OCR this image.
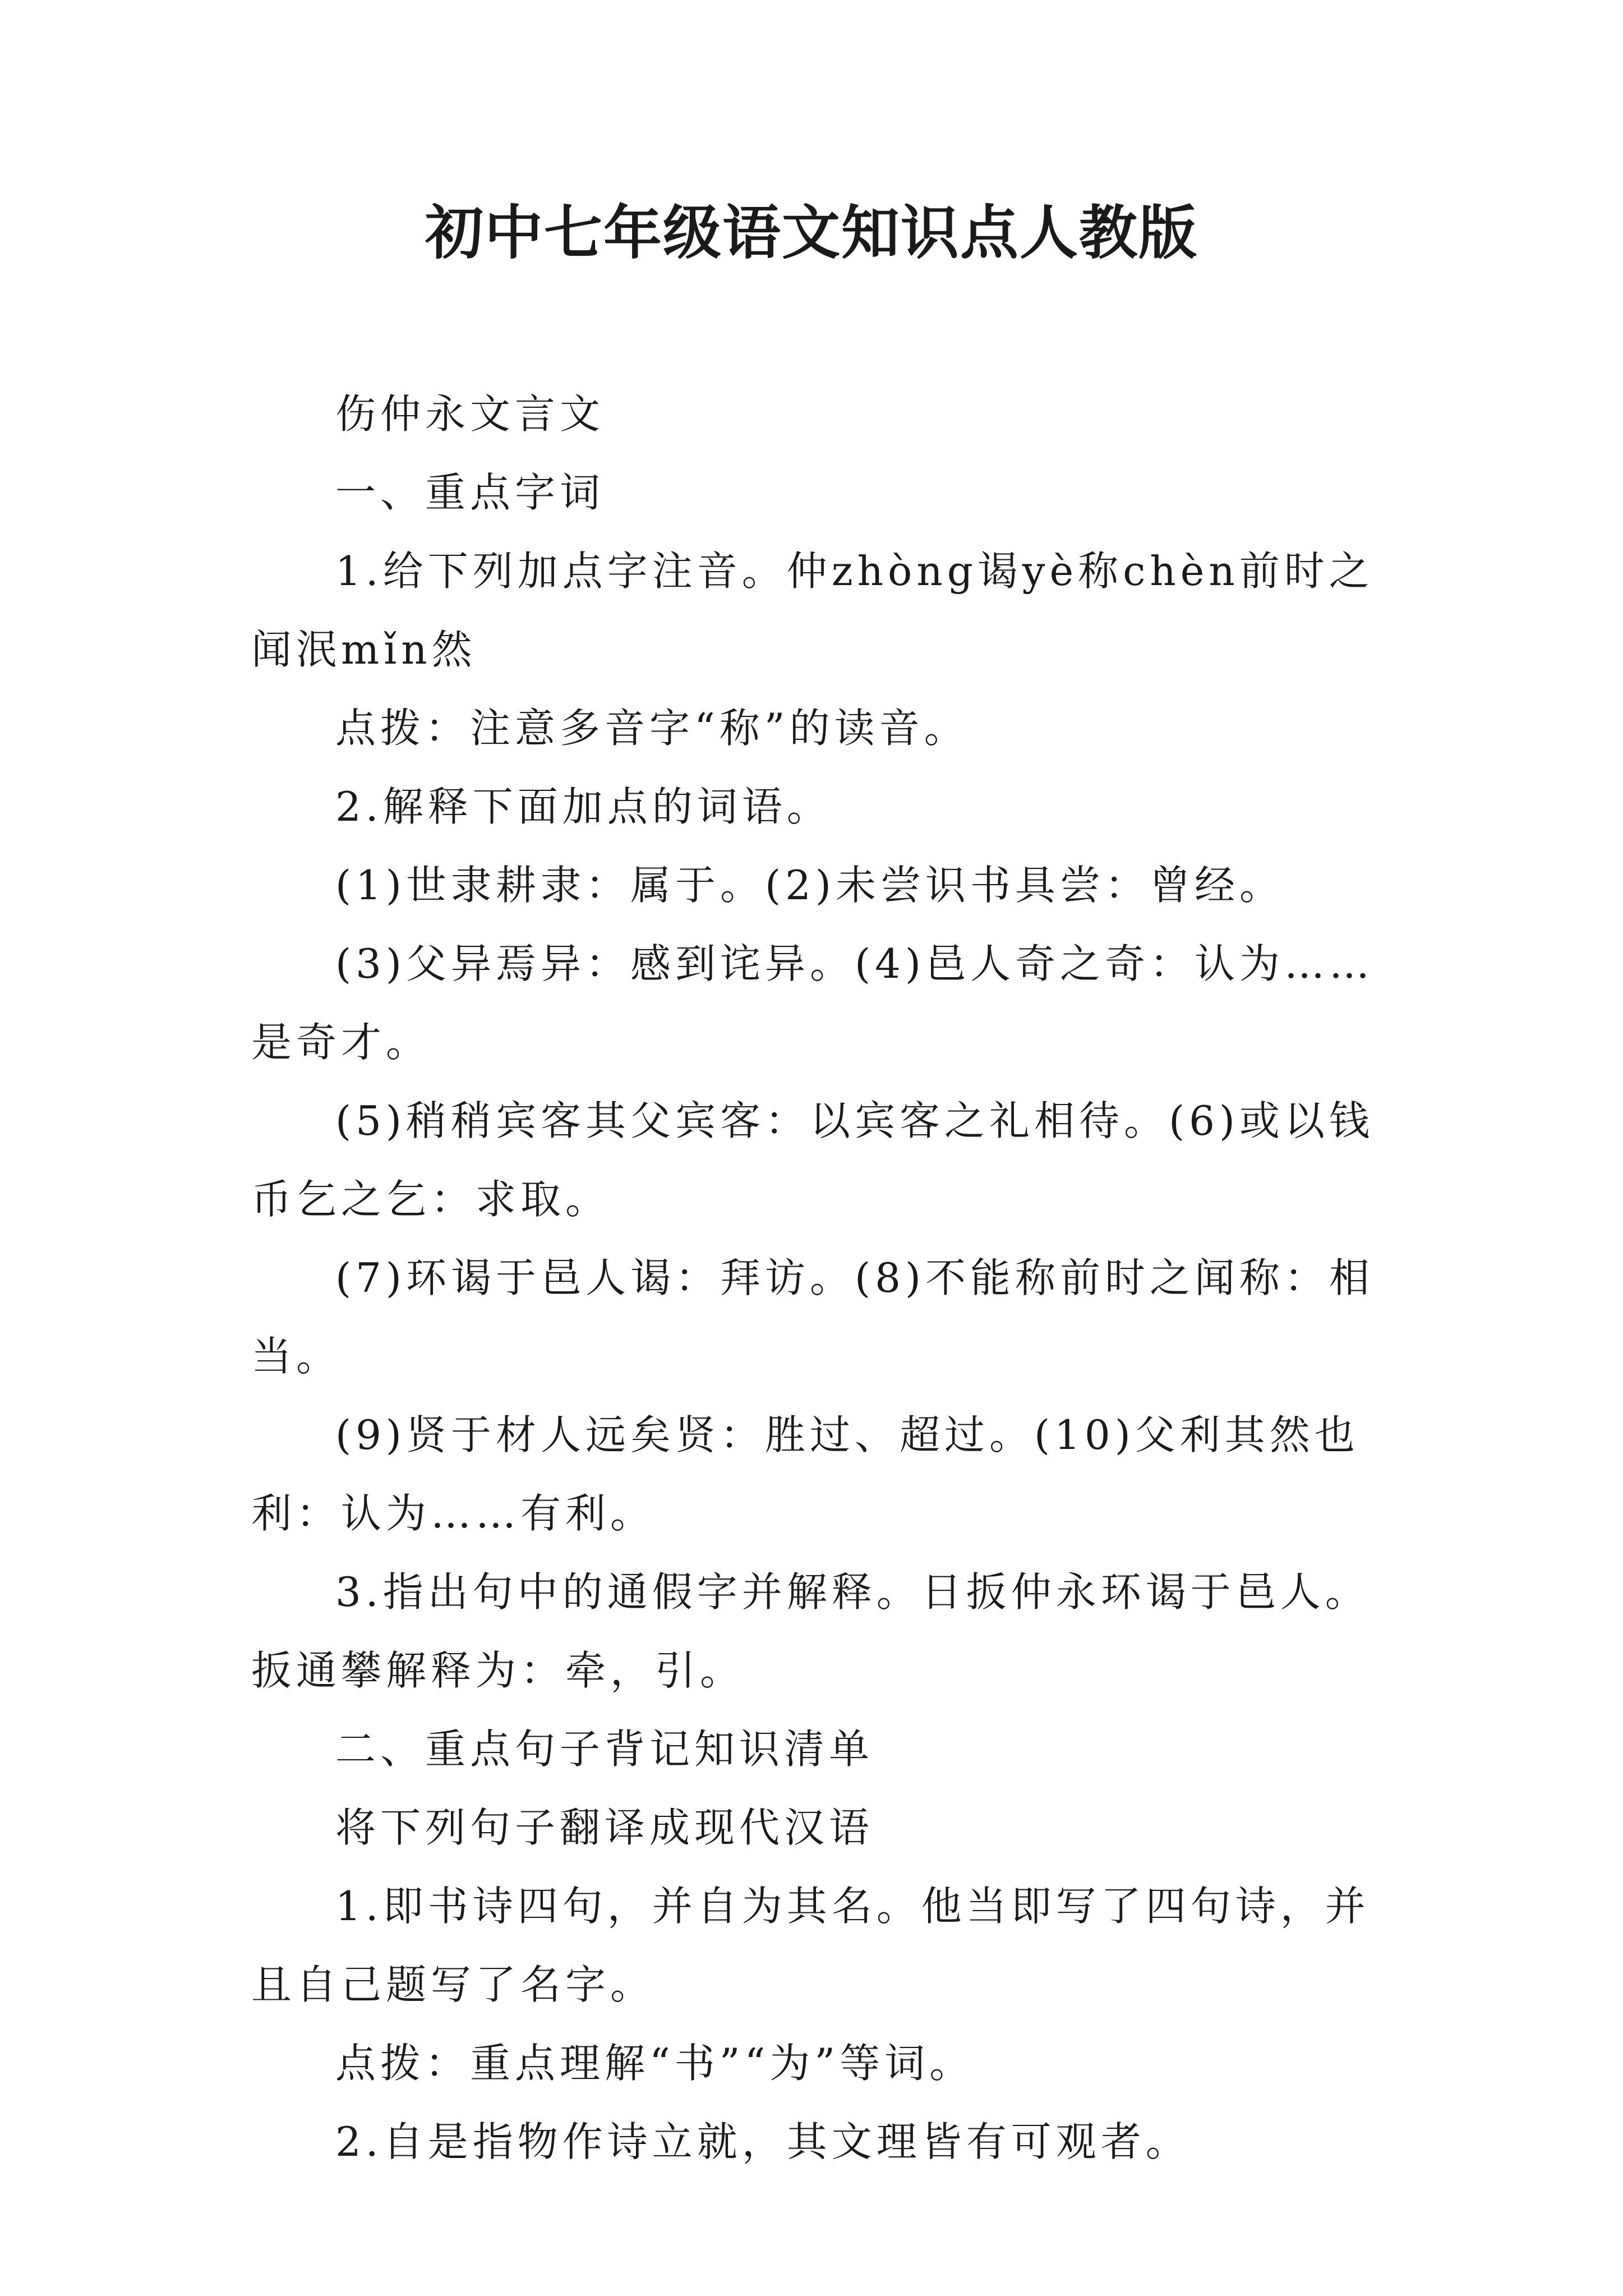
初中七年级语文知识点人教版

伤仲永文言文

一、重点字词

1.给下列加点字注音。仲zhòng谒yè称chèn前时之闻泯mǐn然

点拨：注意多音字“称”的读音。

2.解释下面加点的词语。

(1)世隶耕隶：属于。(2)未尝识书具尝：曾经。

(3)父异焉异：感到诧异。(4)邑人奇之奇：认为……是奇才。

(5)稍稍宾客其父宾客：以宾客之礼相待。(6)或以钱币乞之乞：求取。

(7)环谒于邑人谒：拜访。(8)不能称前时之闻称：相当。

(9)贤于材人远矣贤：胜过、超过。(10)父利其然也利：认为……有利。

3.指出句中的通假字并解释。日扳仲永环谒于邑人。扳通攀解释为：牵，引。

二、重点句子背记知识清单

将下列句子翻译成现代汉语

1.即书诗四句，并自为其名。他当即写了四句诗，并且自己题写了名字。

点拨：重点理解“书”“为”等词。

2.自是指物作诗立就，其文理皆有可观者。
